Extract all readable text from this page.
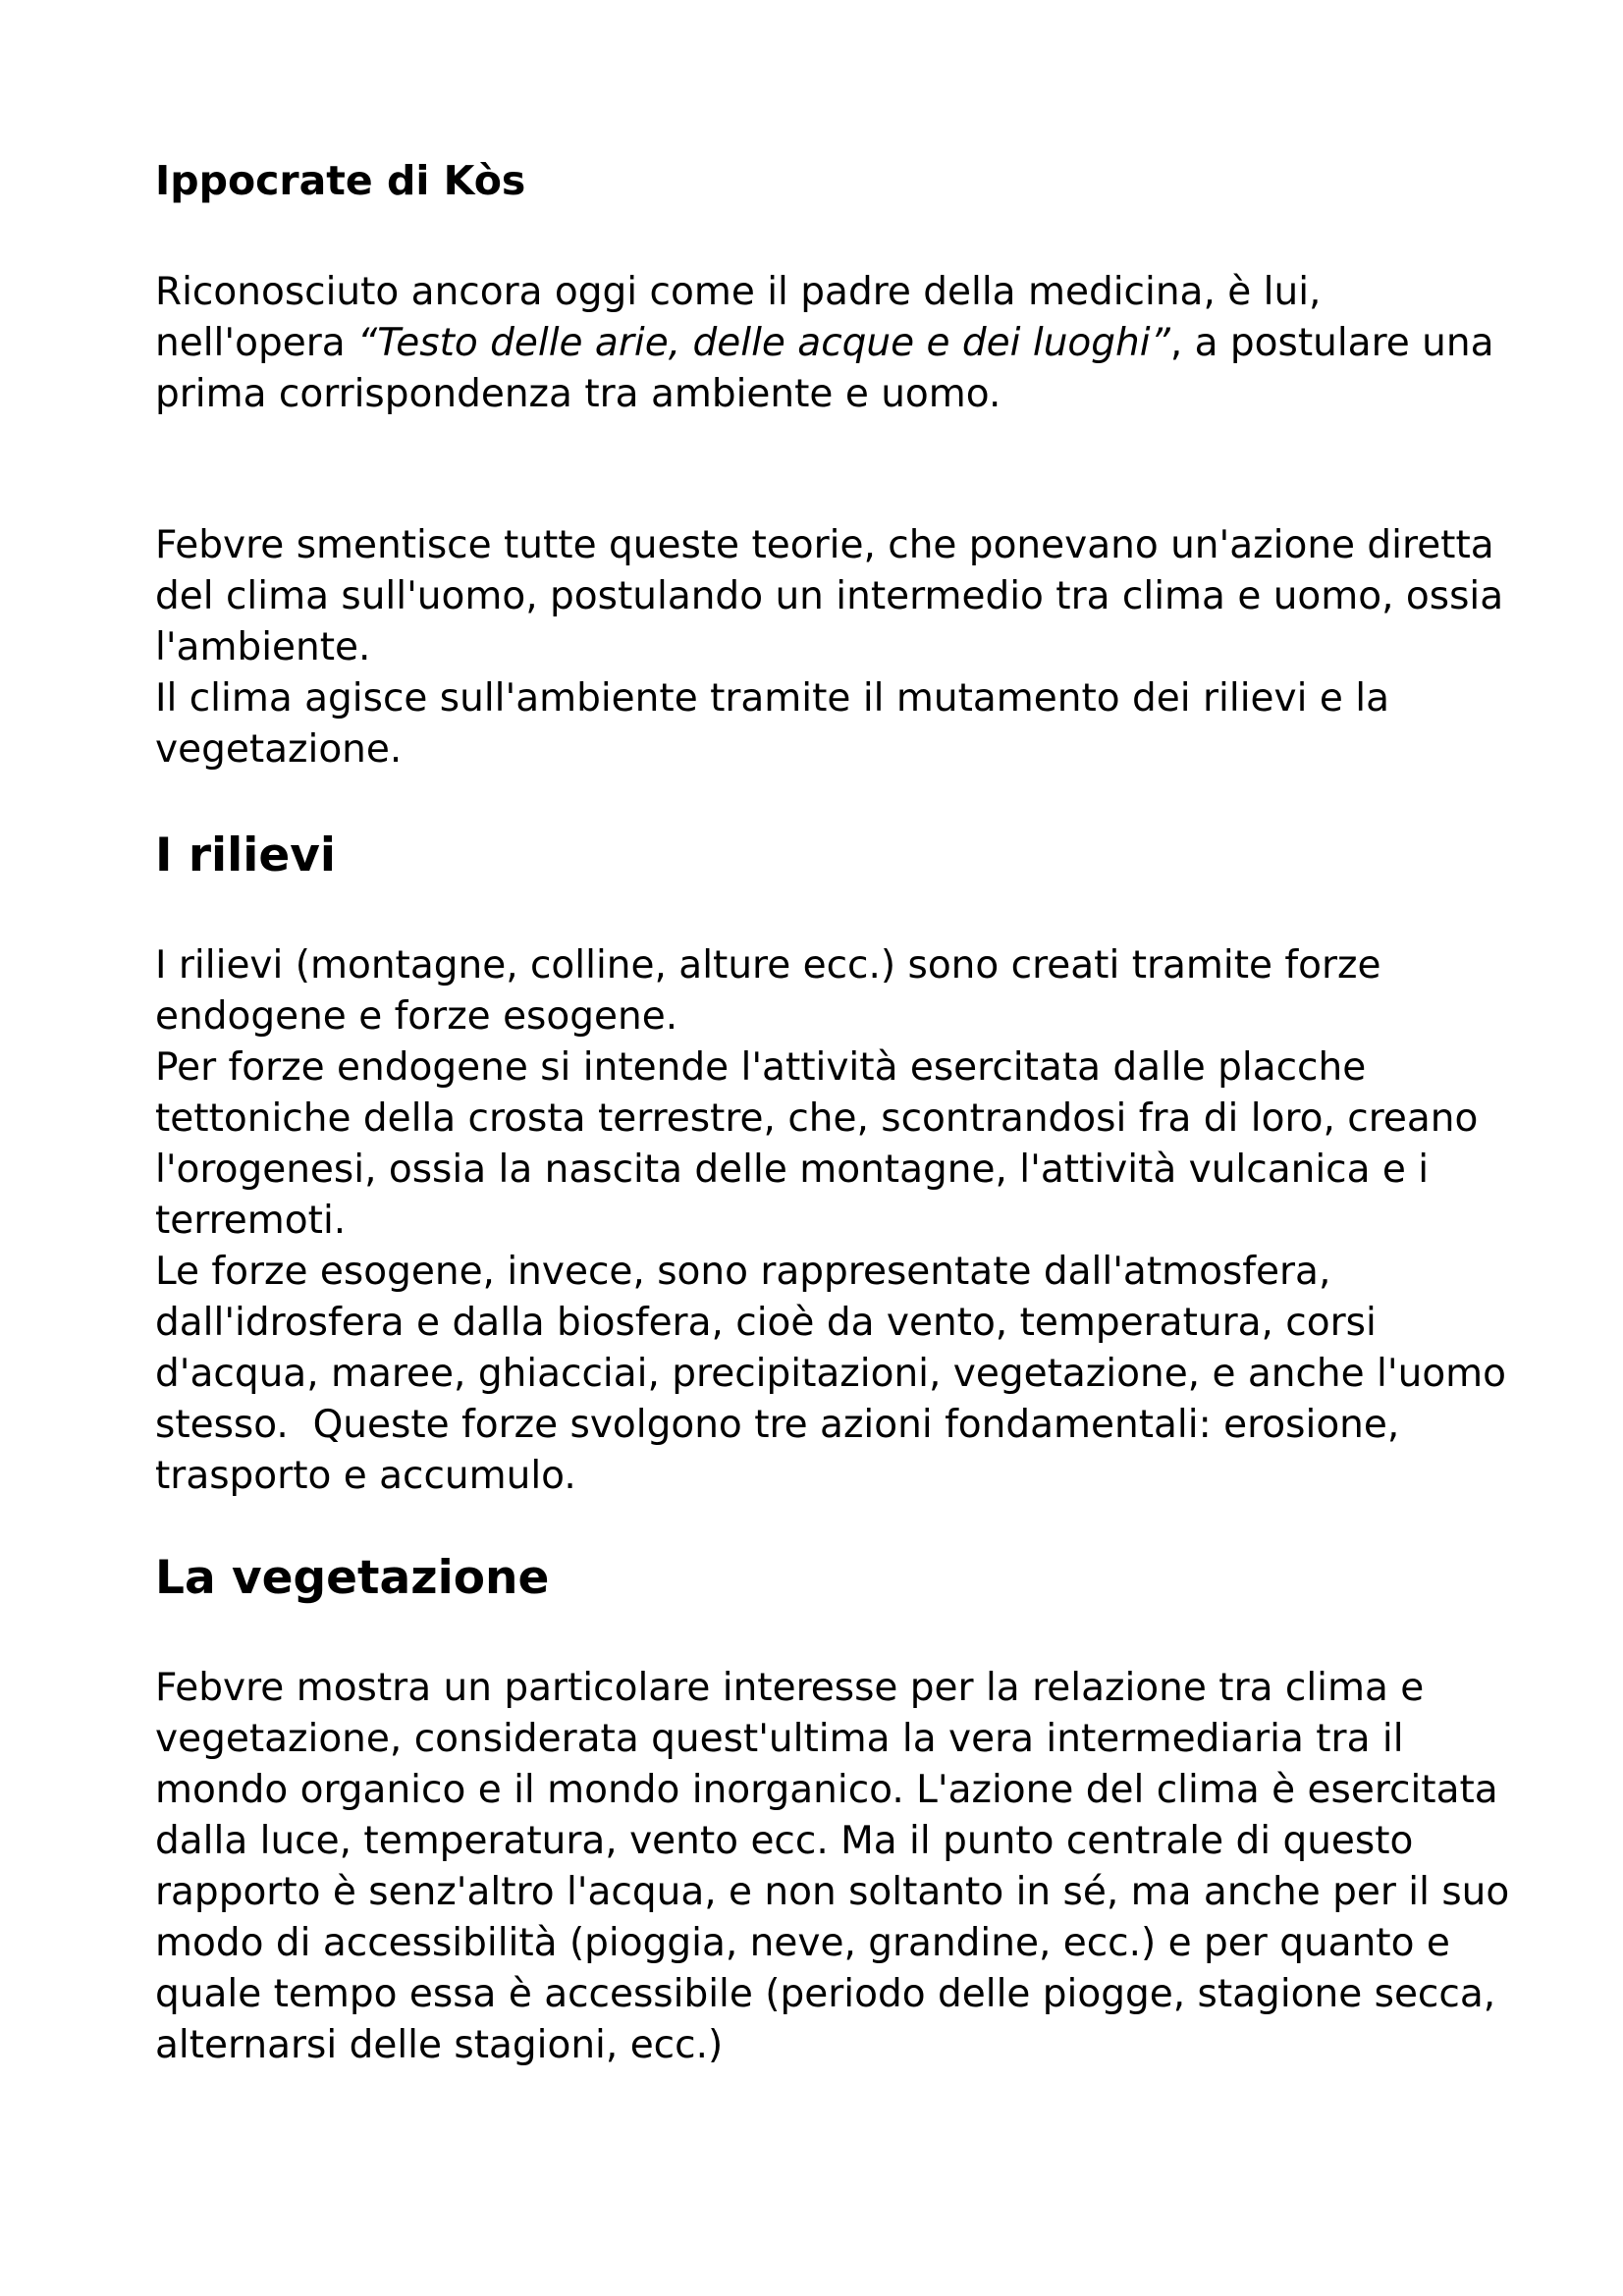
Ippocrate di Kòs

Riconosciuto ancora oggi come il padre della medicina, è lui,

nell'opera “Testo delle arie, delle acque e dei luoghi”, a postulare una

prima corrispondenza tra ambiente e uomo.

Febvre smentisce tutte queste teorie, che ponevano un'azione diretta

del clima sull'uomo, postulando un intermedio tra clima e uomo, ossia

l'ambiente.

Il clima agisce sull'ambiente tramite il mutamento dei rilievi e la

vegetazione.

I rilievi

I rilievi (montagne, colline, alture ecc.) sono creati tramite forze

endogene e forze esogene.

Per forze endogene si intende l'attività esercitata dalle placche

tettoniche della crosta terrestre, che, scontrandosi fra di loro, creano

l'orogenesi, ossia la nascita delle montagne, l'attività vulcanica e i

terremoti.

Le forze esogene, invece, sono rappresentate dall'atmosfera,

dall'idrosfera e dalla biosfera, cioè da vento, temperatura, corsi

d'acqua, maree, ghiacciai, precipitazioni, vegetazione, e anche l'uomo

stesso.  Queste forze svolgono tre azioni fondamentali: erosione,

trasporto e accumulo.

La vegetazione

Febvre mostra un particolare interesse per la relazione tra clima e

vegetazione, considerata quest'ultima la vera intermediaria tra il

mondo organico e il mondo inorganico. L'azione del clima è esercitata

dalla luce, temperatura, vento ecc. Ma il punto centrale di questo

rapporto è senz'altro l'acqua, e non soltanto in sé, ma anche per il suo

modo di accessibilità (pioggia, neve, grandine, ecc.) e per quanto e

quale tempo essa è accessibile (periodo delle piogge, stagione secca,

alternarsi delle stagioni, ecc.)
